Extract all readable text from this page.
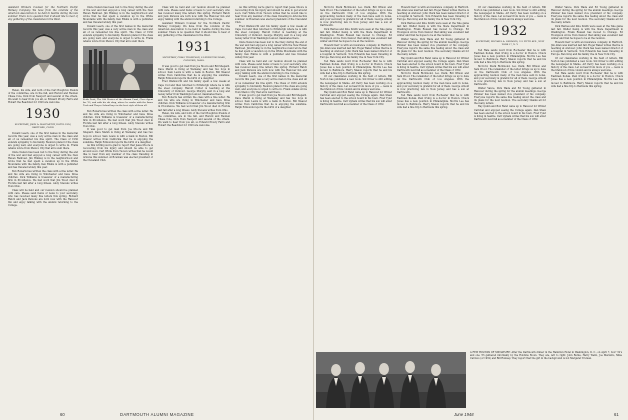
Assistant Winners Counsel for the Northern Pacific Railway Company. We have from the columns of the American Association to be held in Seattle during the late summer. There is no question that it should like to hear of any gathering of the classmates in the West.

Helen, his wife, and both of the Carl Boughton friends of the committee, are in the fall, and Harold and Reuben Chase Cole, Dick from Newport and several of the others. We want to hear from you all, so Edward Prouty Farrs and Hobart the Beachnut for 1929 are welcome.

1930
SECRETARY, JOHN A. MACCARTHY, HOTEL ELM, HARTFORD, CONN.

Donald Leach, one of the first names in the memorial records this year, was a very active man in the class and all of us remember his fine spirit. The Class of 1930 extends sympathy to his family. Reunion plans for the class are going well, and everyone is urged to write in. Frank Adams wrote from Mexico City that all is well there.

Ozzie Nelson has been lost to the Navy during the end of the war and had enjoyed a long career with the New Haven Railroad. Jim Hinkley is in the neighborhood and wrote that he had spent a vacation up in the White Mountains with the family. Ken Elkins is with a publisher and has traveled widely this year.

Bob Roberts has written the class with a fine letter. He and his wife are living in Winchester and have three children. Dick Williams is treasurer of a manufacturing firm in Providence. We had word that Jim Wood died in Florida last fall after a long illness. Andy Stevens writes from Ohio.

Class will be held and our reunion should be planned with care. Please send items of news to your secretary, who has received many fine letters this spring. Richard Hatch and Jack Parsons are both now with the Hanover Inn and enjoy talking with the alumni returning to the College.

Ozzie Nelson has been lost to the Navy during the end of the war and had enjoyed a long career with the New Haven Railroad. Jim Hinkley is in the neighborhood and wrote that he had spent a vacation up in the White Mountains with the family. Ken Elkins is with a publisher and has traveled widely this year.

Donald Leach, one of the first names in the memorial records this year, was a very active man in the class and all of us remember his fine spirit. The Class of 1930 extends sympathy to his family. Reunion plans for the class are going well, and everyone is urged to write in. Frank Adams wrote from Mexico City that all is well there.

Keith Pratt, The Old Master of the Alumni Fund, Class Agent for '30, and with his ski shop, where he works with the Amos Tuck and Thayer School boys in the best style of them all.

Bob Roberts has written the class with a fine letter. He and his wife are living in Winchester and have three children. Dick Williams is treasurer of a manufacturing firm in Providence. We had word that Jim Wood died in Florida last fall after a long illness. Andy Stevens writes from Ohio.

It was good to get mail from Joe Moore and Bill Shepard. Dave Marsh is living at Wellesley and has two boys in school. Sam Lewis is with a bank in Boston. Bill Weaver writes from California that he is enjoying the sunshine. Ralph Edmonds reports the birth of a daughter.

As this writing we're glad to report that Jesse Moore is recovering from his injury and should be able to get around soon. Carl White from Tucson writes that he would like to hear from any member of the class traveling in Arizona this summer. Al Bowman was elected president of the Cleveland Club.

Class will be held and our reunion should be planned with care. Please send items of news to your secretary, who has received many fine letters this spring. Richard Hatch and Jack Parsons are both now with the Hanover Inn and enjoy talking with the alumni returning to the College.

Assistant Winners Counsel for the Northern Pacific Railway Company. We have from the columns of the American Association to be held in Seattle during the late summer. There is no question that it should like to hear of any gathering of the classmates in the West.

1931
SECRETARY, CRAIG THOMPSON, 8 LEXINGTON ROAD, CONCORD, MASS.

It was good to get mail from Joe Moore and Bill Shepard. Dave Marsh is living at Wellesley and has two boys in school. Sam Lewis is with a bank in Boston. Bill Weaver writes from California that he is enjoying the sunshine. Ralph Edmonds reports the birth of a daughter.

Fred Wadsworth and his family spent a few weeks at Cape Cod and then returned to Pittsburgh where he is with the steel company. Harold Cutter is teaching at the University of Vermont. George Murphy sent in a long and newsy letter from Washington about classmates there.

Bob Roberts has written the class with a fine letter. He and his wife are living in Winchester and have three children. Dick Williams is treasurer of a manufacturing firm in Providence. We had word that Jim Wood died in Florida last fall after a long illness. Andy Stevens writes from Ohio.

Helen, his wife, and both of the Carl Boughton friends of the committee, are in the fall, and Harold and Reuben Chase Cole, Dick from Newport and several of the others. We want to hear from you all, so Edward Prouty Farrs and Hobart the Beachnut for 1929 are welcome.

As this writing we're glad to report that Jesse Moore is recovering from his injury and should be able to get around soon. Carl White from Tucson writes that he would like to hear from any member of the class traveling in Arizona this summer. Al Bowman was elected president of the Cleveland Club.

Fred Wadsworth and his family spent a few weeks at Cape Cod and then returned to Pittsburgh where he is with the steel company. Harold Cutter is teaching at the University of Vermont. George Murphy sent in a long and newsy letter from Washington about classmates there.

Ozzie Nelson has been lost to the Navy during the end of the war and had enjoyed a long career with the New Haven Railroad. Jim Hinkley is in the neighborhood and wrote that he had spent a vacation up in the White Mountains with the family. Ken Elkins is with a publisher and has traveled widely this year.

Class will be held and our reunion should be planned with care. Please send items of news to your secretary, who has received many fine letters this spring. Richard Hatch and Jack Parsons are both now with the Hanover Inn and enjoy talking with the alumni returning to the College.

Donald Leach, one of the first names in the memorial records this year, was a very active man in the class and all of us remember his fine spirit. The Class of 1930 extends sympathy to his family. Reunion plans for the class are going well, and everyone is urged to write in. Frank Adams wrote from Mexico City that all is well there.

It was good to get mail from Joe Moore and Bill Shepard. Dave Marsh is living at Wellesley and has two boys in school. Sam Lewis is with a bank in Boston. Bill Weaver writes from California that he is enjoying the sunshine. Ralph Edmonds reports the birth of a daughter.

60	DARTMOUTH ALUMNI MAGAZINE

McCord, Stark Richmond, Leo Clark, Bill Wilson and Sam Wood. The remainder of the letter brings us up to date on the Dartmouth Club of Los Angeles. With the approaching reunion many of the men have sent in notes, and your secretary is grateful for all of them. George Arnold is now practicing law in New Jersey and has a son at Dartmouth.

Dick Barnes and Pete Smith were seen at the Yale game last fall. Walter Kemp is with the State Department in Washington. Frank Russell has moved to Chicago. Ed Thompson wrote from Denver that skiing was excellent last winter and that he hopes to be at the reunion.

Howard Kerr is with an insurance company in Hartford. Jim Allen was married last fall. Roger Baker writes that he is teaching at Andover. John Clark has been named director of a hospital in Vermont. Tom Edwards has been traveling in Europe. Ben Gray and his family live in New York City.

Ted Hale sends word from Rochester that he is with Eastman Kodak. Paul Irving is a doctor in Boston. Chuck Jones has a new position in Philadelphia. Morris Lee has moved to Baltimore. Harry Mason reports that he and his wife had a fine trip to Bermuda this spring.

Of our classmates working in the field of letters, Bill Norton has published a new book. Sid Oliver is still editing the newspaper in Maine. Art Perry has been working on a history of the class. Let us hear from more of you — news is the lifeblood of this column and is always welcome.

Ray Quinn and Bob Rand came up to Hanover for Winter Carnival and enjoyed seeing the College again. Dan Shaw has been elected to the school board in his town. Fred Tyler is living in Seattle. Carl Upham writes that his son will enter Dartmouth next fall as a member of the Class of 1952.

Howard Kerr is with an insurance company in Hartford. Jim Allen was married last fall. Roger Baker writes that he is teaching at Andover. John Clark has been named director of a hospital in Vermont. Tom Edwards has been traveling in Europe. Ben Gray and his family live in New York City.

Dick Barnes and Pete Smith were seen at the Yale game last fall. Walter Kemp is with the State Department in Washington. Frank Russell has moved to Chicago. Ed Thompson wrote from Denver that skiing was excellent last winter and that he hopes to be at the reunion.

Walter Vance, Dick Wade and Ed Young gathered in Hanover during the spring for the alumni meetings. George Zimmer has been named vice president of his company. Everyone reports the same fine feeling about the class and its plans for the next reunion. The secretary thanks all for the many letters.

Ray Quinn and Bob Rand came up to Hanover for Winter Carnival and enjoyed seeing the College again. Dan Shaw has been elected to the school board in his town. Fred Tyler is living in Seattle. Carl Upham writes that his son will enter Dartmouth next fall as a member of the Class of 1952.

McCord, Stark Richmond, Leo Clark, Bill Wilson and Sam Wood. The remainder of the letter brings us up to date on the Dartmouth Club of Los Angeles. With the approaching reunion many of the men have sent in notes, and your secretary is grateful for all of them. George Arnold is now practicing law in New Jersey and has a son at Dartmouth.

Ted Hale sends word from Rochester that he is with Eastman Kodak. Paul Irving is a doctor in Boston. Chuck Jones has a new position in Philadelphia. Morris Lee has moved to Baltimore. Harry Mason reports that he and his wife had a fine trip to Bermuda this spring.

Of our classmates working in the field of letters, Bill Norton has published a new book. Sid Oliver is still editing the newspaper in Maine. Art Perry has been working on a history of the class. Let us hear from more of you — news is the lifeblood of this column and is always welcome.

1932
SECRETARY, MICHAEL A. CARDOZO, 521 FIFTH AVE., NEW YORK 17, N. Y.

Ted Hale sends word from Rochester that he is with Eastman Kodak. Paul Irving is a doctor in Boston. Chuck Jones has a new position in Philadelphia. Morris Lee has moved to Baltimore. Harry Mason reports that he and his wife had a fine trip to Bermuda this spring.

McCord, Stark Richmond, Leo Clark, Bill Wilson and Sam Wood. The remainder of the letter brings us up to date on the Dartmouth Club of Los Angeles. With the approaching reunion many of the men have sent in notes, and your secretary is grateful for all of them. George Arnold is now practicing law in New Jersey and has a son at Dartmouth.

Walter Vance, Dick Wade and Ed Young gathered in Hanover during the spring for the alumni meetings. George Zimmer has been named vice president of his company. Everyone reports the same fine feeling about the class and its plans for the next reunion. The secretary thanks all for the many letters.

Ray Quinn and Bob Rand came up to Hanover for Winter Carnival and enjoyed seeing the College again. Dan Shaw has been elected to the school board in his town. Fred Tyler is living in Seattle. Carl Upham writes that his son will enter Dartmouth next fall as a member of the Class of 1952.

Walter Vance, Dick Wade and Ed Young gathered in Hanover during the spring for the alumni meetings. George Zimmer has been named vice president of his company. Everyone reports the same fine feeling about the class and its plans for the next reunion. The secretary thanks all for the many letters.

Dick Barnes and Pete Smith were seen at the Yale game last fall. Walter Kemp is with the State Department in Washington. Frank Russell has moved to Chicago. Ed Thompson wrote from Denver that skiing was excellent last winter and that he hopes to be at the reunion.

Howard Kerr is with an insurance company in Hartford. Jim Allen was married last fall. Roger Baker writes that he is teaching at Andover. John Clark has been named director of a hospital in Vermont. Tom Edwards has been traveling in Europe. Ben Gray and his family live in New York City.

Of our classmates working in the field of letters, Bill Norton has published a new book. Sid Oliver is still editing the newspaper in Maine. Art Perry has been working on a history of the class. Let us hear from more of you — news is the lifeblood of this column and is always welcome.

Ted Hale sends word from Rochester that he is with Eastman Kodak. Paul Irving is a doctor in Boston. Chuck Jones has a new position in Philadelphia. Morris Lee has moved to Baltimore. Harry Mason reports that he and his wife had a fine trip to Bermuda this spring.

A FEW ROUNDS OF MINIATURE: After the Dartmouth dinner in the Hamilton Hotel in Washington, D. C., on April 7, four '32's and one '33 gathered informally by the Robbins Room. They are, left to right: John Burke, Harry Webb, Joe Marzullo, Mike Cardozo (of 1932) and Bill Rumsey. They report that the girl in the background is not Margaret Truman.
June 1948	61
